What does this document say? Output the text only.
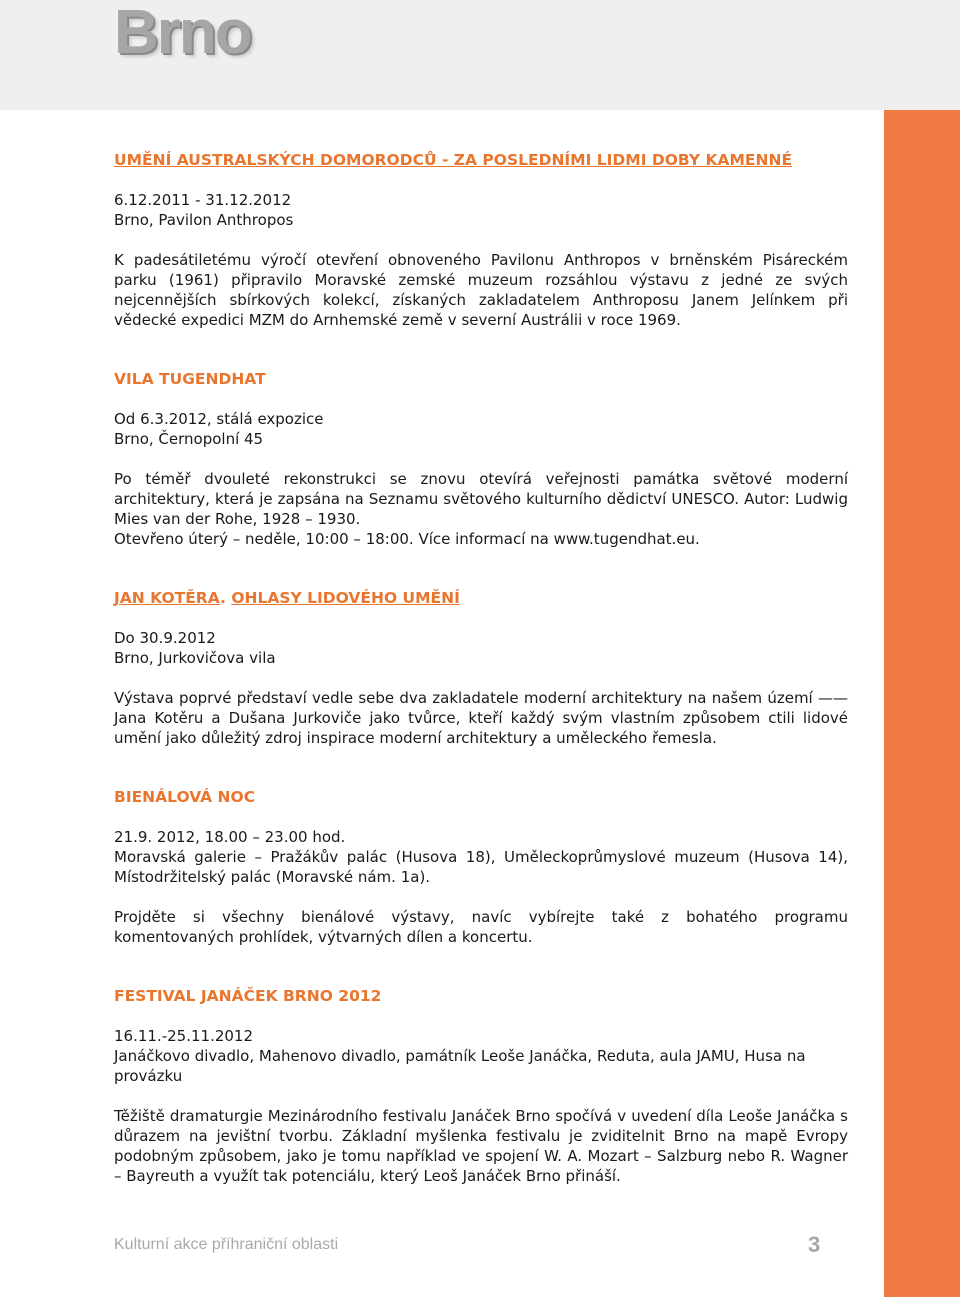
Brno
UMĚNÍ AUSTRALSKÝCH DOMORODCŮ - ZA POSLEDNÍMI LIDMI DOBY KAMENNÉ

6.12.2011 - 31.12.2012

Brno, Pavilon Anthropos

K padesátiletému výročí otevření obnoveného Pavilonu Anthropos v brněnském Pisáreckém parku (1961) připravilo Moravské zemské muzeum rozsáhlou výstavu z jedné ze svých nejcennějších sbírkových kolekcí, získaných zakladatelem Anthroposu Janem Jelínkem při vědecké expedici MZM do Arnhemské země v severní Austrálii v roce 1969.

VILA TUGENDHAT

Od 6.3.2012, stálá expozice

Brno, Černopolní 45

Po téměř dvouleté rekonstrukci se znovu otevírá veřejnosti památka světové moderní architektury, která je zapsána na Seznamu světového kulturního dědictví UNESCO. Autor: Ludwig Mies van der Rohe, 1928 – 1930.

Otevřeno úterý – neděle, 10:00 – 18:00. Více informací na www.tugendhat.eu.

JAN KOTĚRA. OHLASY LIDOVÉHO UMĚNÍ

Do 30.9.2012

Brno, Jurkovičova vila

Výstava poprvé představí vedle sebe dva zakladatele moderní architektury na našem území —— Jana Kotěru a Dušana Jurkoviče jako tvůrce, kteří každý svým vlastním způsobem ctili lidové umění jako důležitý zdroj inspirace moderní architektury a uměleckého řemesla.

BIENÁLOVÁ NOC

21.9. 2012, 18.00 – 23.00 hod.

Moravská galerie – Pražákův palác (Husova 18), Uměleckoprůmyslové muzeum (Husova 14), Místodržitelský palác (Moravské nám. 1a).

Projděte si všechny bienálové výstavy, navíc vybírejte také z bohatého programu komentovaných prohlídek, výtvarných dílen a koncertu.

FESTIVAL JANÁČEK BRNO 2012

16.11.-25.11.2012

Janáčkovo divadlo, Mahenovo divadlo, památník Leoše Janáčka, Reduta, aula JAMU, Husa na provázku

Těžiště dramaturgie Mezinárodního festivalu Janáček Brno spočívá v uvedení díla Leoše Janáčka s důrazem na jevištní tvorbu. Základní myšlenka festivalu je zviditelnit Brno na mapě Evropy podobným způsobem, jako je tomu například ve spojení W. A. Mozart – Salzburg nebo R. Wagner – Bayreuth a využít tak potenciálu, který Leoš Janáček Brno přináší.

Kulturní akce příhraniční oblasti	3
